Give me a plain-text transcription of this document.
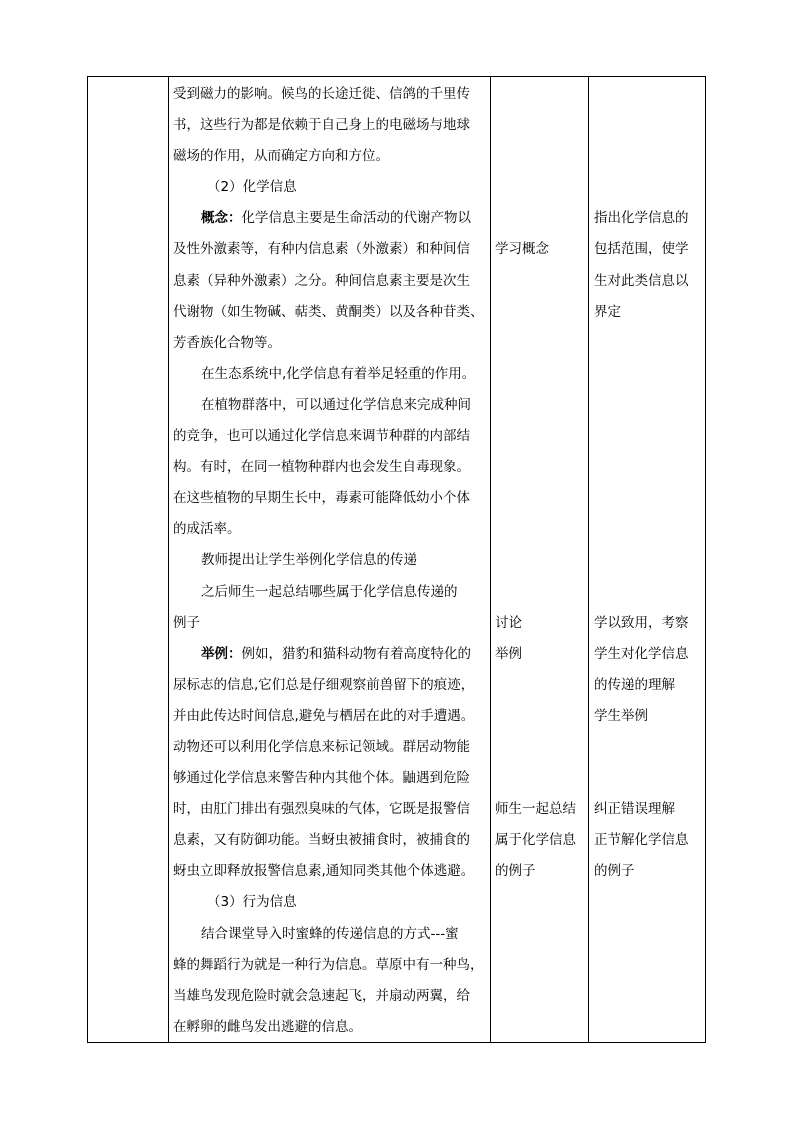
受到磁力的影响。候鸟的长途迁徙、信鸽的千里传

书，这些行为都是依赖于自己身上的电磁场与地球

磁场的作用，从而确定方向和方位。

（2）化学信息

概念：化学信息主要是生命活动的代谢产物以

及性外激素等，有种内信息素（外激素）和种间信

息素（异种外激素）之分。种间信息素主要是次生

代谢物（如生物碱、萜类、黄酮类）以及各种苷类、

芳香族化合物等。

在生态系统中,化学信息有着举足轻重的作用。

在植物群落中，可以通过化学信息来完成种间

的竞争，也可以通过化学信息来调节种群的内部结

构。有时，在同一植物种群内也会发生自毒现象。

在这些植物的早期生长中，毒素可能降低幼小个体

的成活率。

教师提出让学生举例化学信息的传递

之后师生一起总结哪些属于化学信息传递的

例子

举例：例如，猎豹和猫科动物有着高度特化的

尿标志的信息,它们总是仔细观察前兽留下的痕迹，

并由此传达时间信息,避免与栖居在此的对手遭遇。

动物还可以利用化学信息来标记领域。群居动物能

够通过化学信息来警告种内其他个体。鼬遇到危险

时，由肛门排出有强烈臭味的气体，它既是报警信

息素，又有防御功能。当蚜虫被捕食时，被捕食的

蚜虫立即释放报警信息素,通知同类其他个体逃避。

（3）行为信息

结合课堂导入时蜜蜂的传递信息的方式---蜜

蜂的舞蹈行为就是一种行为信息。草原中有一种鸟，

当雄鸟发现危险时就会急速起飞，并扇动两翼，给

在孵卵的雌鸟发出逃避的信息。

学习概念

讨论

举例

师生一起总结

属于化学信息

的例子

指出化学信息的

包括范围，使学

生对此类信息以

界定

学以致用，考察

学生对化学信息

的传递的理解

学生举例

纠正错误理解

正节解化学信息

的例子
